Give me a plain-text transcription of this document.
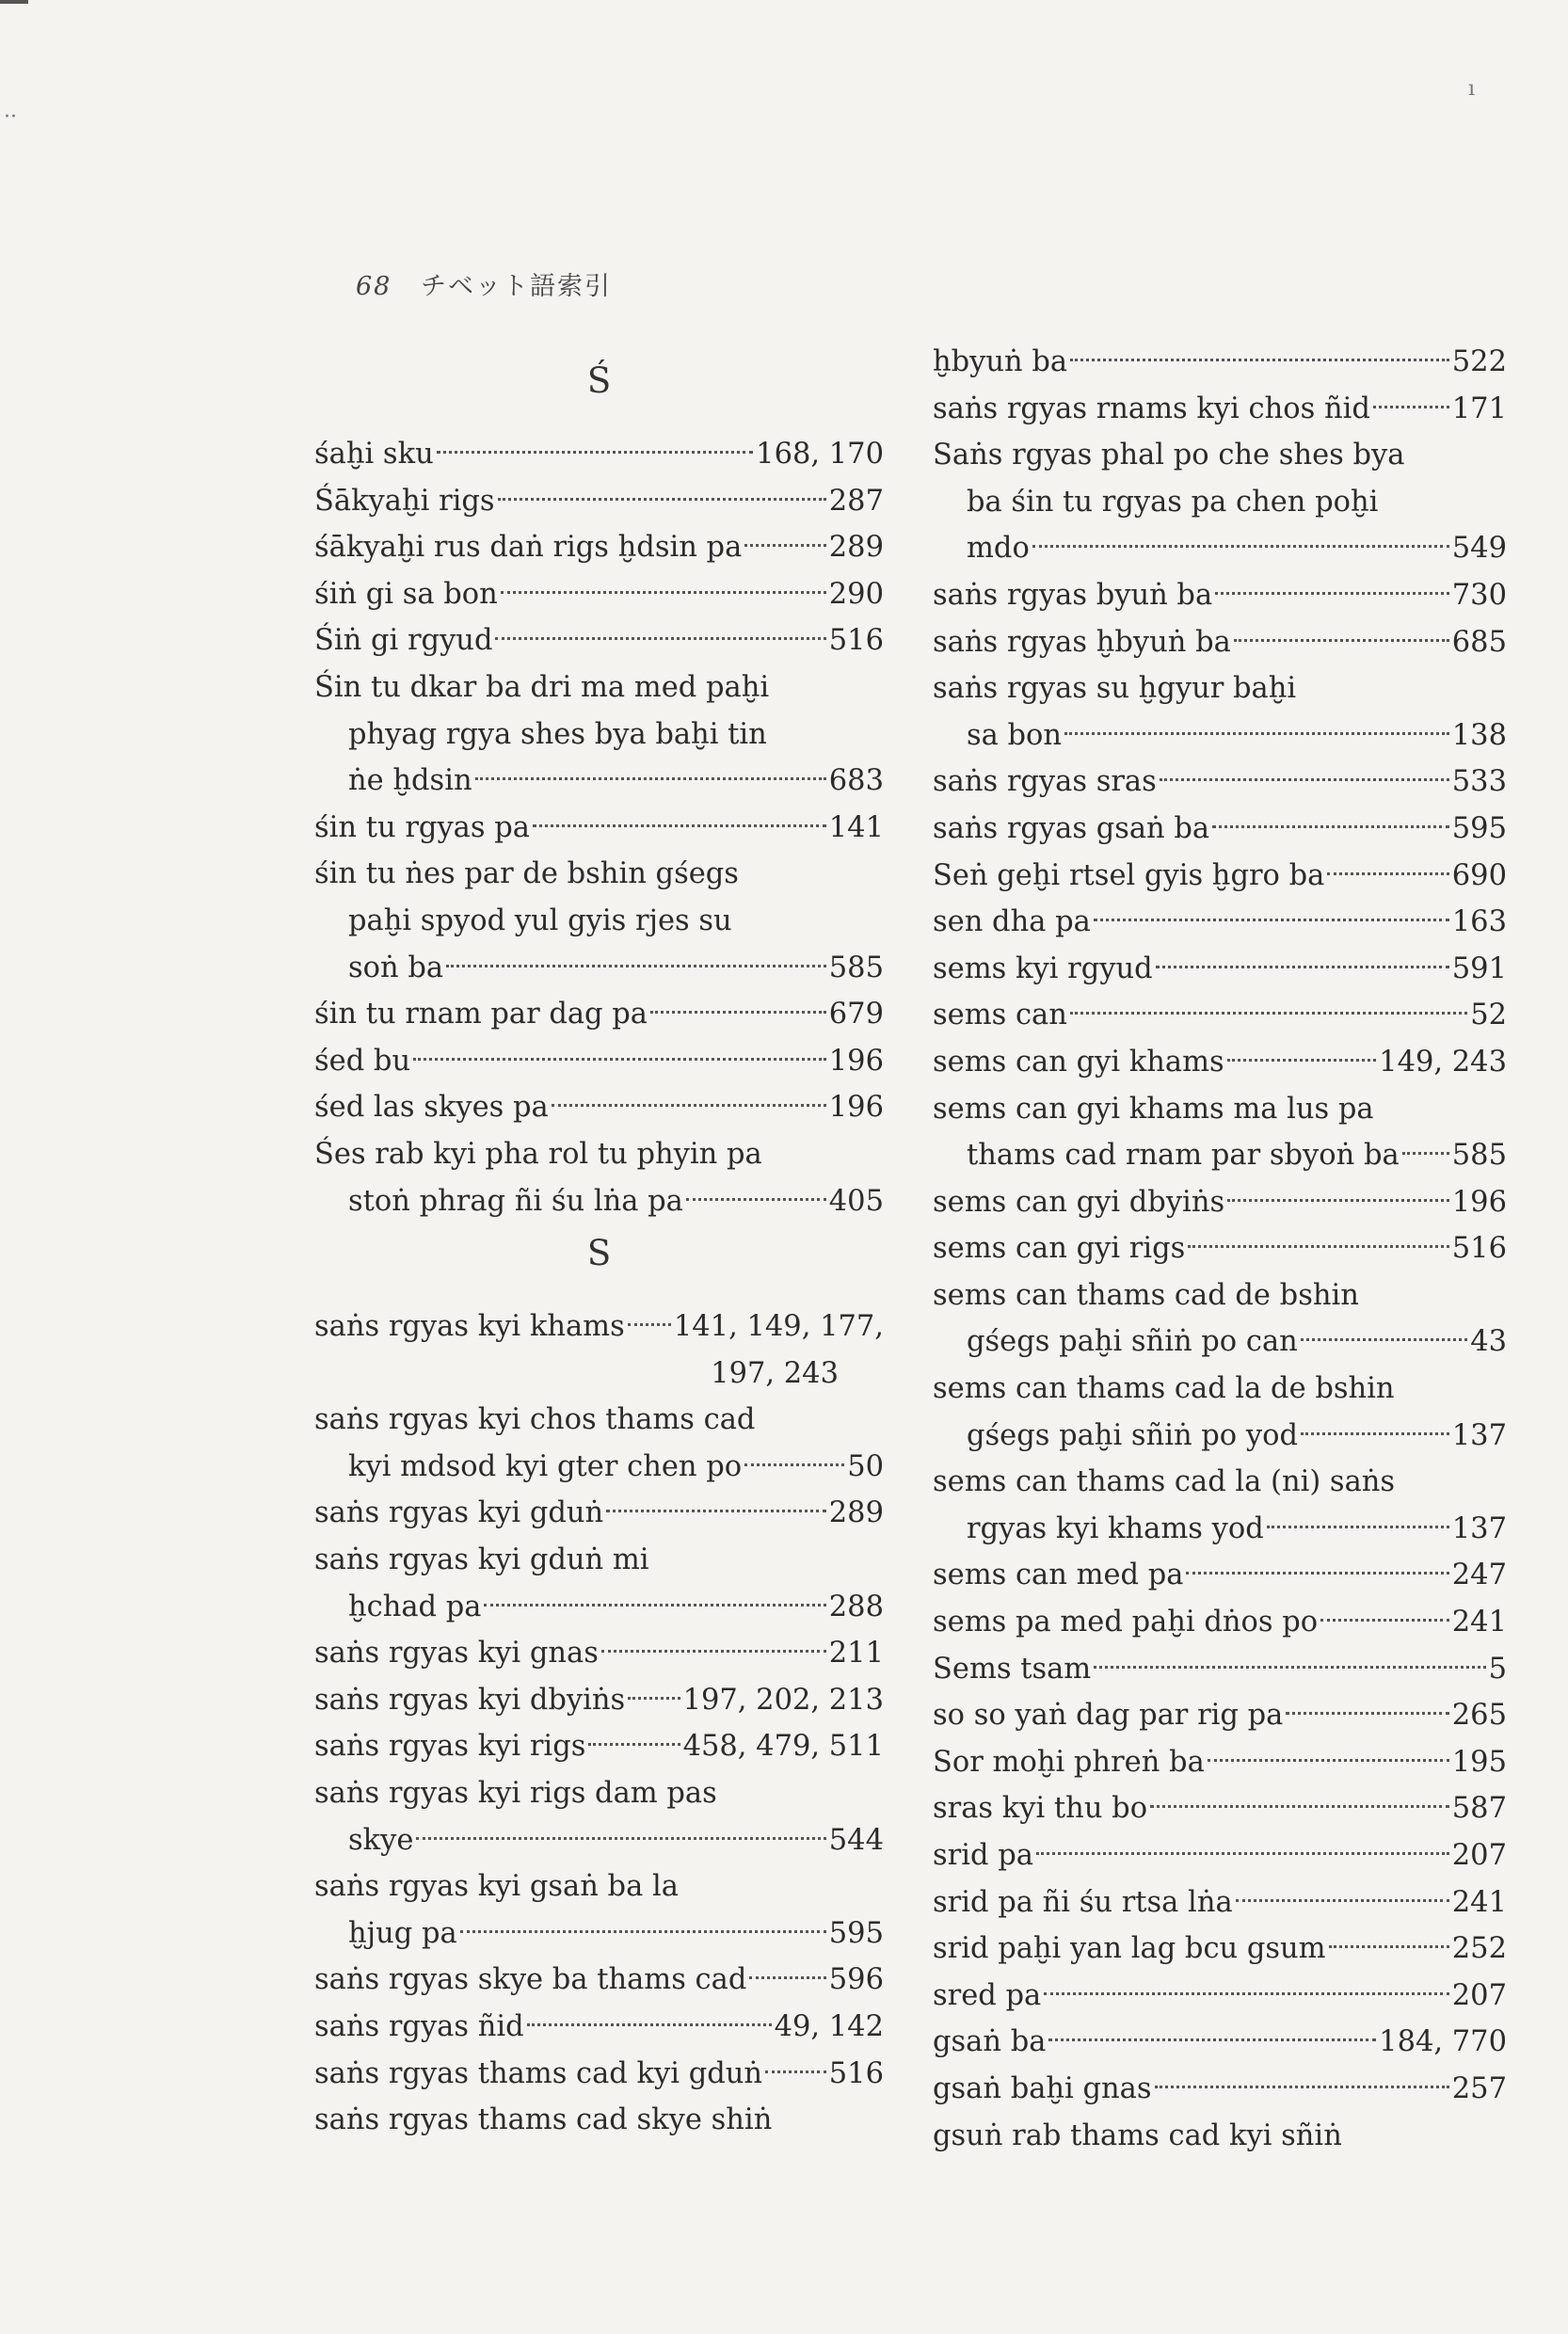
··
ı
68 チベット語索引
Ś
śaḫi sku	168, 170
Śākyaḫi rigs	287
śākyaḫi rus daṅ rigs ḫdsin pa	289
śiṅ gi sa bon	290
Śiṅ gi rgyud	516
Śin tu dkar ba dri ma med paḫi
phyag rgya shes bya baḫi tin
ṅe ḫdsin	683
śin tu rgyas pa	141
śin tu ṅes par de bshin gśegs
paḫi spyod yul gyis rjes su
soṅ ba	585
śin tu rnam par dag pa	679
śed bu	196
śed las skyes pa	196
Śes rab kyi pha rol tu phyin pa
stoṅ phrag ñi śu lṅa pa	405
S
saṅs rgyas kyi khams 141, 149, 177,
197, 243
saṅs rgyas kyi chos thams cad
kyi mdsod kyi gter chen po	50
saṅs rgyas kyi gduṅ	289
saṅs rgyas kyi gduṅ mi
ḫchad pa	288
saṅs rgyas kyi gnas	211
saṅs rgyas kyi dbyiṅs 197, 202, 213
saṅs rgyas kyi rigs	458, 479, 511
saṅs rgyas kyi rigs dam pas
skye	544
saṅs rgyas kyi gsaṅ ba la
ḫjug pa	595
saṅs rgyas skye ba thams cad	596
saṅs rgyas ñid	49, 142
saṅs rgyas thams cad kyi gduṅ 516
saṅs rgyas thams cad skye shiṅ
ḫbyuṅ ba	522
saṅs rgyas rnams kyi chos ñid	171
Saṅs rgyas phal po che shes bya
ba śin tu rgyas pa chen poḫi
mdo	549
saṅs rgyas byuṅ ba	730
saṅs rgyas ḫbyuṅ ba	685
saṅs rgyas su ḫgyur baḫi
sa bon	138
saṅs rgyas sras	533
saṅs rgyas gsaṅ ba	595
Seṅ geḫi rtsel gyis ḫgro ba	690
sen dha pa	163
sems kyi rgyud	591
sems can	52
sems can gyi khams	149, 243
sems can gyi khams ma lus pa
thams cad rnam par sbyoṅ ba 585
sems can gyi dbyiṅs	196
sems can gyi rigs	516
sems can thams cad de bshin
gśegs paḫi sñiṅ po can	43
sems can thams cad la de bshin
gśegs paḫi sñiṅ po yod	137
sems can thams cad la (ni) saṅs
rgyas kyi khams yod	137
sems can med pa	247
sems pa med paḫi dṅos po	241
Sems tsam	5
so so yaṅ dag par rig pa	265
Sor moḫi phreṅ ba	195
sras kyi thu bo	587
srid pa	207
srid pa ñi śu rtsa lṅa	241
srid paḫi yan lag bcu gsum	252
sred pa	207
gsaṅ ba	184, 770
gsaṅ baḫi gnas	257
gsuṅ rab thams cad kyi sñiṅ
